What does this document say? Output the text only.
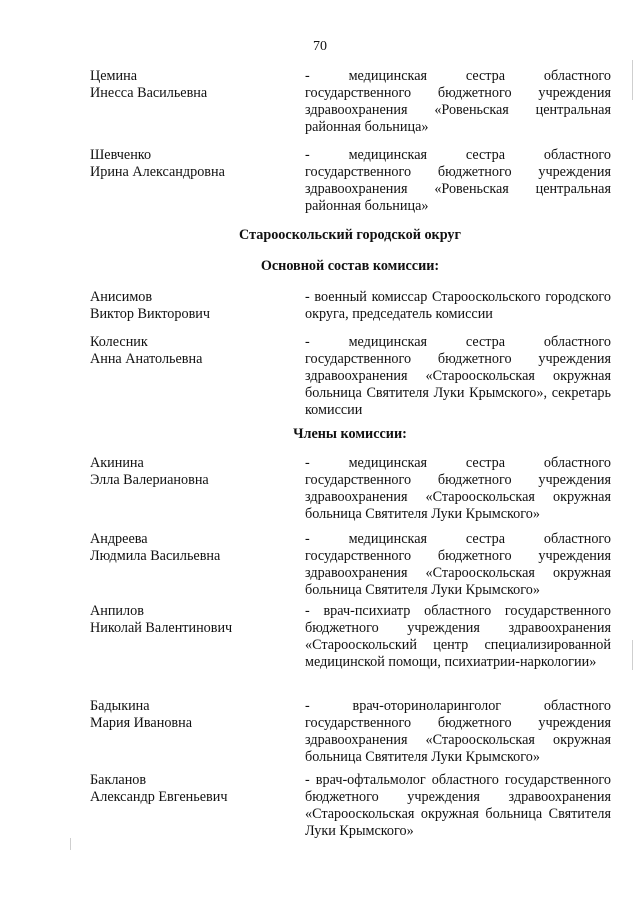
70
Цемина
Инесса Васильевна
- медицинская сестра областного государственного бюджетного учреждения здравоохранения «Ровеньская центральная районная больница»
Шевченко
Ирина Александровна
- медицинская сестра областного государственного бюджетного учреждения здравоохранения «Ровеньская центральная районная больница»
Старооскольский городской округ
Основной состав комиссии:
Анисимов
Виктор Викторович
- военный комиссар Старооскольского городского округа, председатель комиссии
Колесник
Анна Анатольевна
- медицинская сестра областного государственного бюджетного учреждения здравоохранения «Старооскольская окружная больница Святителя Луки Крымского», секретарь комиссии
Члены комиссии:
Акинина
Элла Валериановна
- медицинская сестра областного государственного бюджетного учреждения здравоохранения «Старооскольская окружная больница Святителя Луки Крымского»
Андреева
Людмила Васильевна
- медицинская сестра областного государственного бюджетного учреждения здравоохранения «Старооскольская окружная больница Святителя Луки Крымского»
Анпилов
Николай Валентинович
- врач-психиатр областного государственного бюджетного учреждения здравоохранения «Старооскольский центр специализированной медицинской помощи, психиатрии-наркологии»
Бадыкина
Мария Ивановна
- врач-оториноларинголог областного государственного бюджетного учреждения здравоохранения «Старооскольская окружная больница Святителя Луки Крымского»
Бакланов
Александр Евгеньевич
- врач-офтальмолог областного государственного бюджетного учреждения здравоохранения «Старооскольская окружная больница Святителя Луки Крымского»
